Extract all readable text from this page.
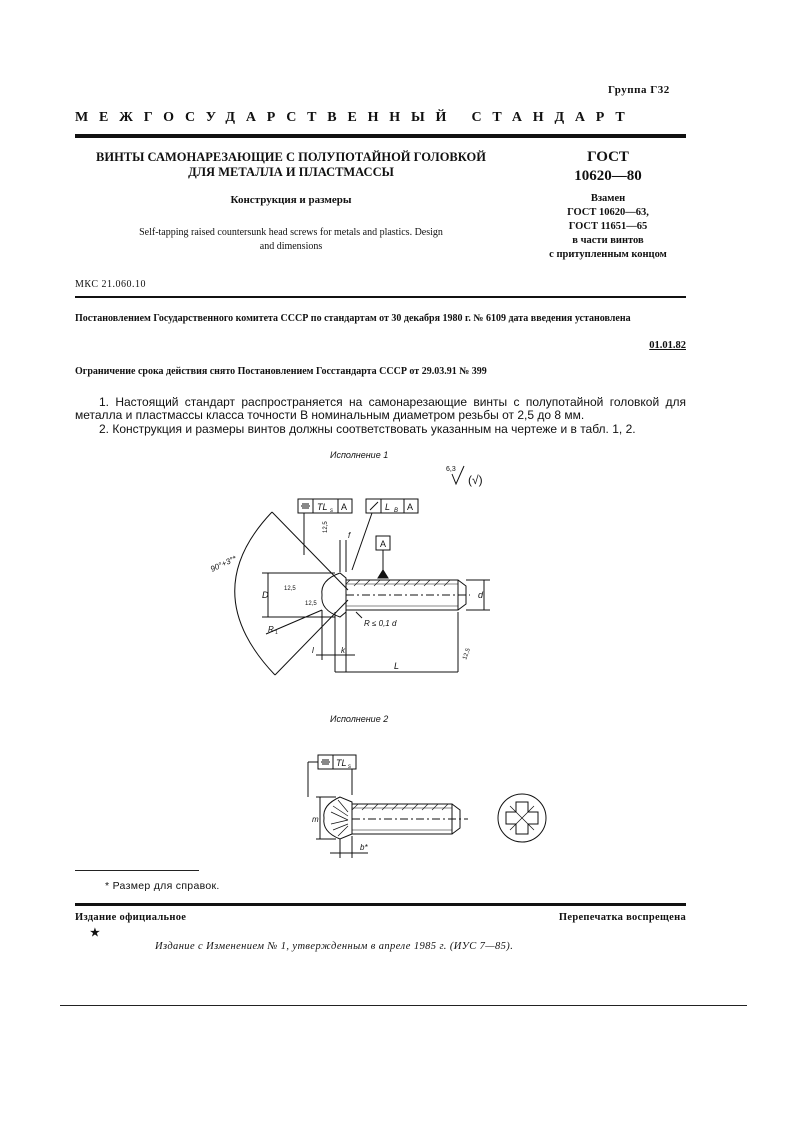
Группа Г32
МЕЖГОСУДАРСТВЕННЫЙ СТАНДАРТ
ВИНТЫ САМОНАРЕЗАЮЩИЕ С ПОЛУПОТАЙНОЙ ГОЛОВКОЙ
ДЛЯ МЕТАЛЛА И ПЛАСТМАССЫ
Конструкция и размеры
Self-tapping raised countersunk head screws for metals and plastics. Design
and dimensions
ГОСТ
10620—80
Взамен
ГОСТ 10620—63,
ГОСТ 11651—65
в части винтов
с притупленным концом
МКС 21.060.10
Постановлением Государственного комитета СССР по стандартам от 30 декабря 1980 г. № 6109 дата введения установлена
01.01.82
Ограничение срока действия снято Постановлением Госстандарта СССР от 29.03.91 № 399
1. Настоящий стандарт распространяется на самонарезающие винты с полупотайной головкой для металла и пластмассы класса точности В номинальным диаметром резьбы от 2,5 до 8 мм.
2. Конструкция и размеры винтов должны соответствовать указанным на чертеже и в табл. 1, 2.
Исполнение 1
6,3
(√)
TL s A	L B A
A
90°+3°*
D
12,5
12,5
12,5
12,5
d
f
R ≤ 0,1 d
R 1
l	k
L
Исполнение 2
TL s
m
b*
* Размер для справок.
Издание официальное	Перепечатка воспрещена
★
Издание с Изменением № 1, утвержденным в апреле 1985 г. (ИУС 7—85).
